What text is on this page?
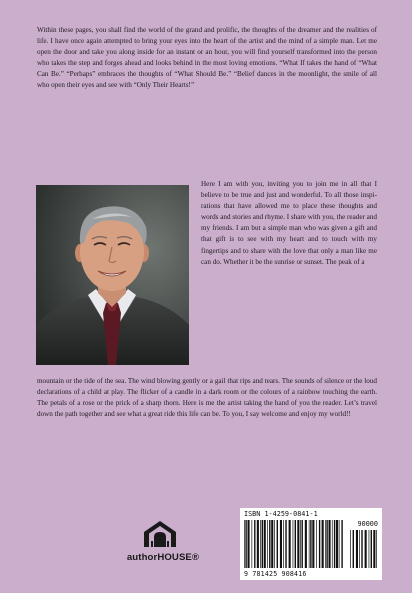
Within these pages, you shall find the world of the grand and prolific, the thoughts of the dreamer and the realities of life. I have once again attempted to bring your eyes into the heart of the artist and the mind of a simple man. Let me open the door and take you along inside for an instant or an hour, you will find yourself transformed into the person who takes the step and forges ahead and looks behind in the most loving emotions. “What If takes the hand of “What Can Be.” “Perhaps” embraces the thoughts of “What Should Be.” “Belief dances in the moonlight, the smile of all who open their eyes and see with “Only Their Hearts!”

Here I am with you, inviting you to join me in all that I believe to be true and just and wonderful. To all those inspirations that have allowed me to place these thoughts and words and stories and rhyme. I share with you, the reader and my friends. I am but a simple man who was given a gift and that gift is to see with my heart and to touch with my fingertips and to share with the love that only a man like me can do. Whether it be the sunrise or sunset. The peak of a

mountain or the tide of the sea. The wind blowing gently or a gail that rips and tears. The sounds of silence or the loud declarations of a child at play. The flicker of a candle in a dark room or the colours of a rainbow touching the earth. The petals of a rose or the prick of a sharp thorn. Here is me the artist taking the hand of you the reader. Let’s travel down the path together and see what a great ride this life can be. To you, I say welcome and enjoy my world!!

authorHOUSE®
ISBN 1-4259-0841-1
90000
9 781425 908416
